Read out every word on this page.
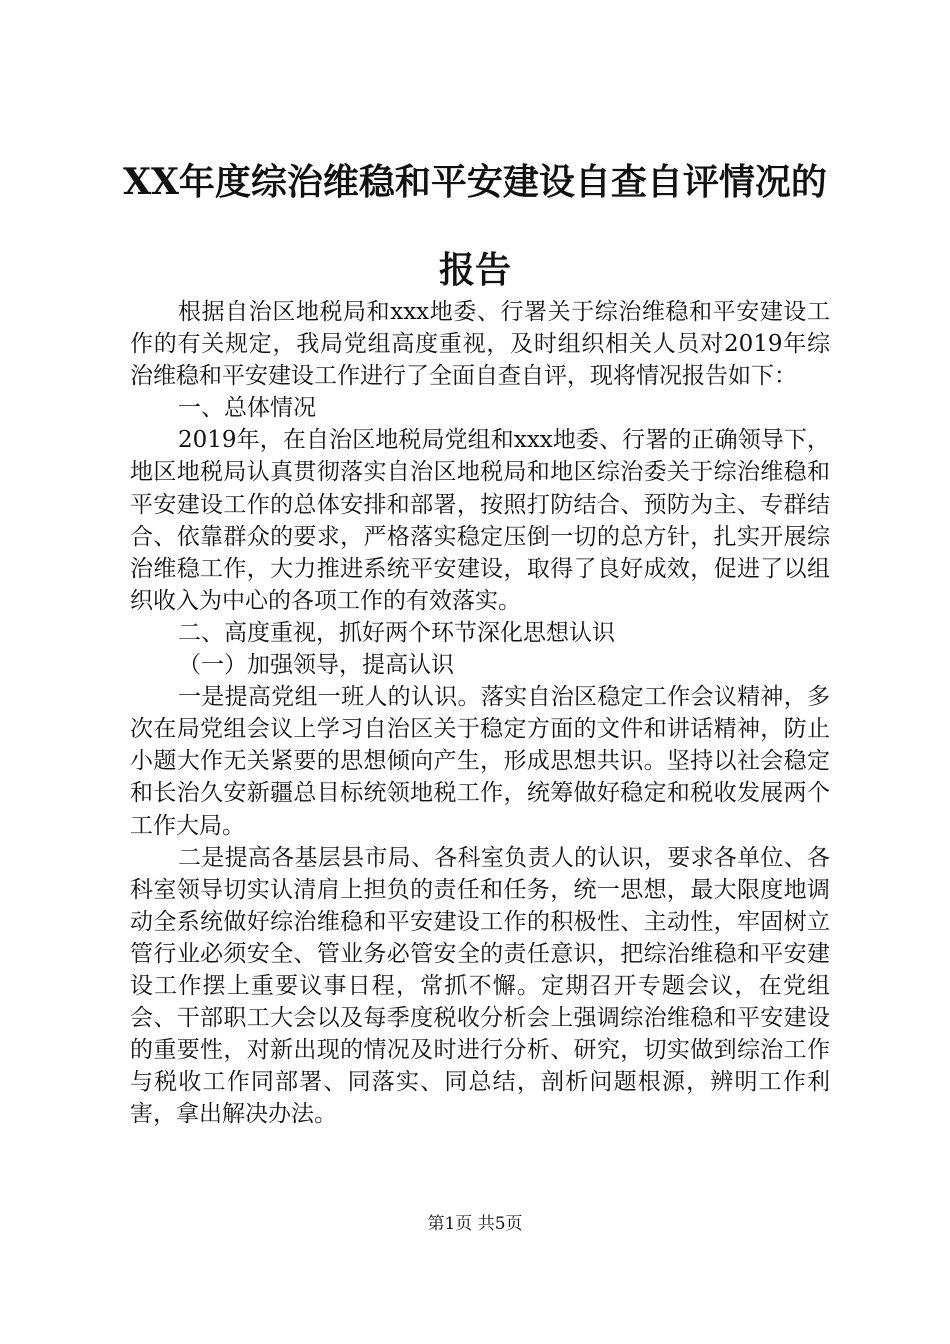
XX年度综治维稳和平安建设自查自评情况的
报告

根据自治区地税局和xxx地委、行署关于综治维稳和平安建设工作的有关规定，我局党组高度重视，及时组织相关人员对2019年综治维稳和平安建设工作进行了全面自查自评，现将情况报告如下：

一、总体情况

2019年，在自治区地税局党组和xxx地委、行署的正确领导下，地区地税局认真贯彻落实自治区地税局和地区综治委关于综治维稳和平安建设工作的总体安排和部署，按照打防结合、预防为主、专群结合、依靠群众的要求，严格落实稳定压倒一切的总方针，扎实开展综治维稳工作，大力推进系统平安建设，取得了良好成效，促进了以组织收入为中心的各项工作的有效落实。

二、高度重视，抓好两个环节深化思想认识

（一）加强领导，提高认识

一是提高党组一班人的认识。落实自治区稳定工作会议精神，多次在局党组会议上学习自治区关于稳定方面的文件和讲话精神，防止小题大作无关紧要的思想倾向产生，形成思想共识。坚持以社会稳定和长治久安新疆总目标统领地税工作，统筹做好稳定和税收发展两个工作大局。

二是提高各基层县市局、各科室负责人的认识，要求各单位、各科室领导切实认清肩上担负的责任和任务，统一思想，最大限度地调动全系统做好综治维稳和平安建设工作的积极性、主动性，牢固树立管行业必须安全、管业务必管安全的责任意识，把综治维稳和平安建设工作摆上重要议事日程，常抓不懈。定期召开专题会议，在党组会、干部职工大会以及每季度税收分析会上强调综治维稳和平安建设的重要性，对新出现的情况及时进行分析、研究，切实做到综治工作与税收工作同部署、同落实、同总结，剖析问题根源，辨明工作利害，拿出解决办法。

第1页 共5页
